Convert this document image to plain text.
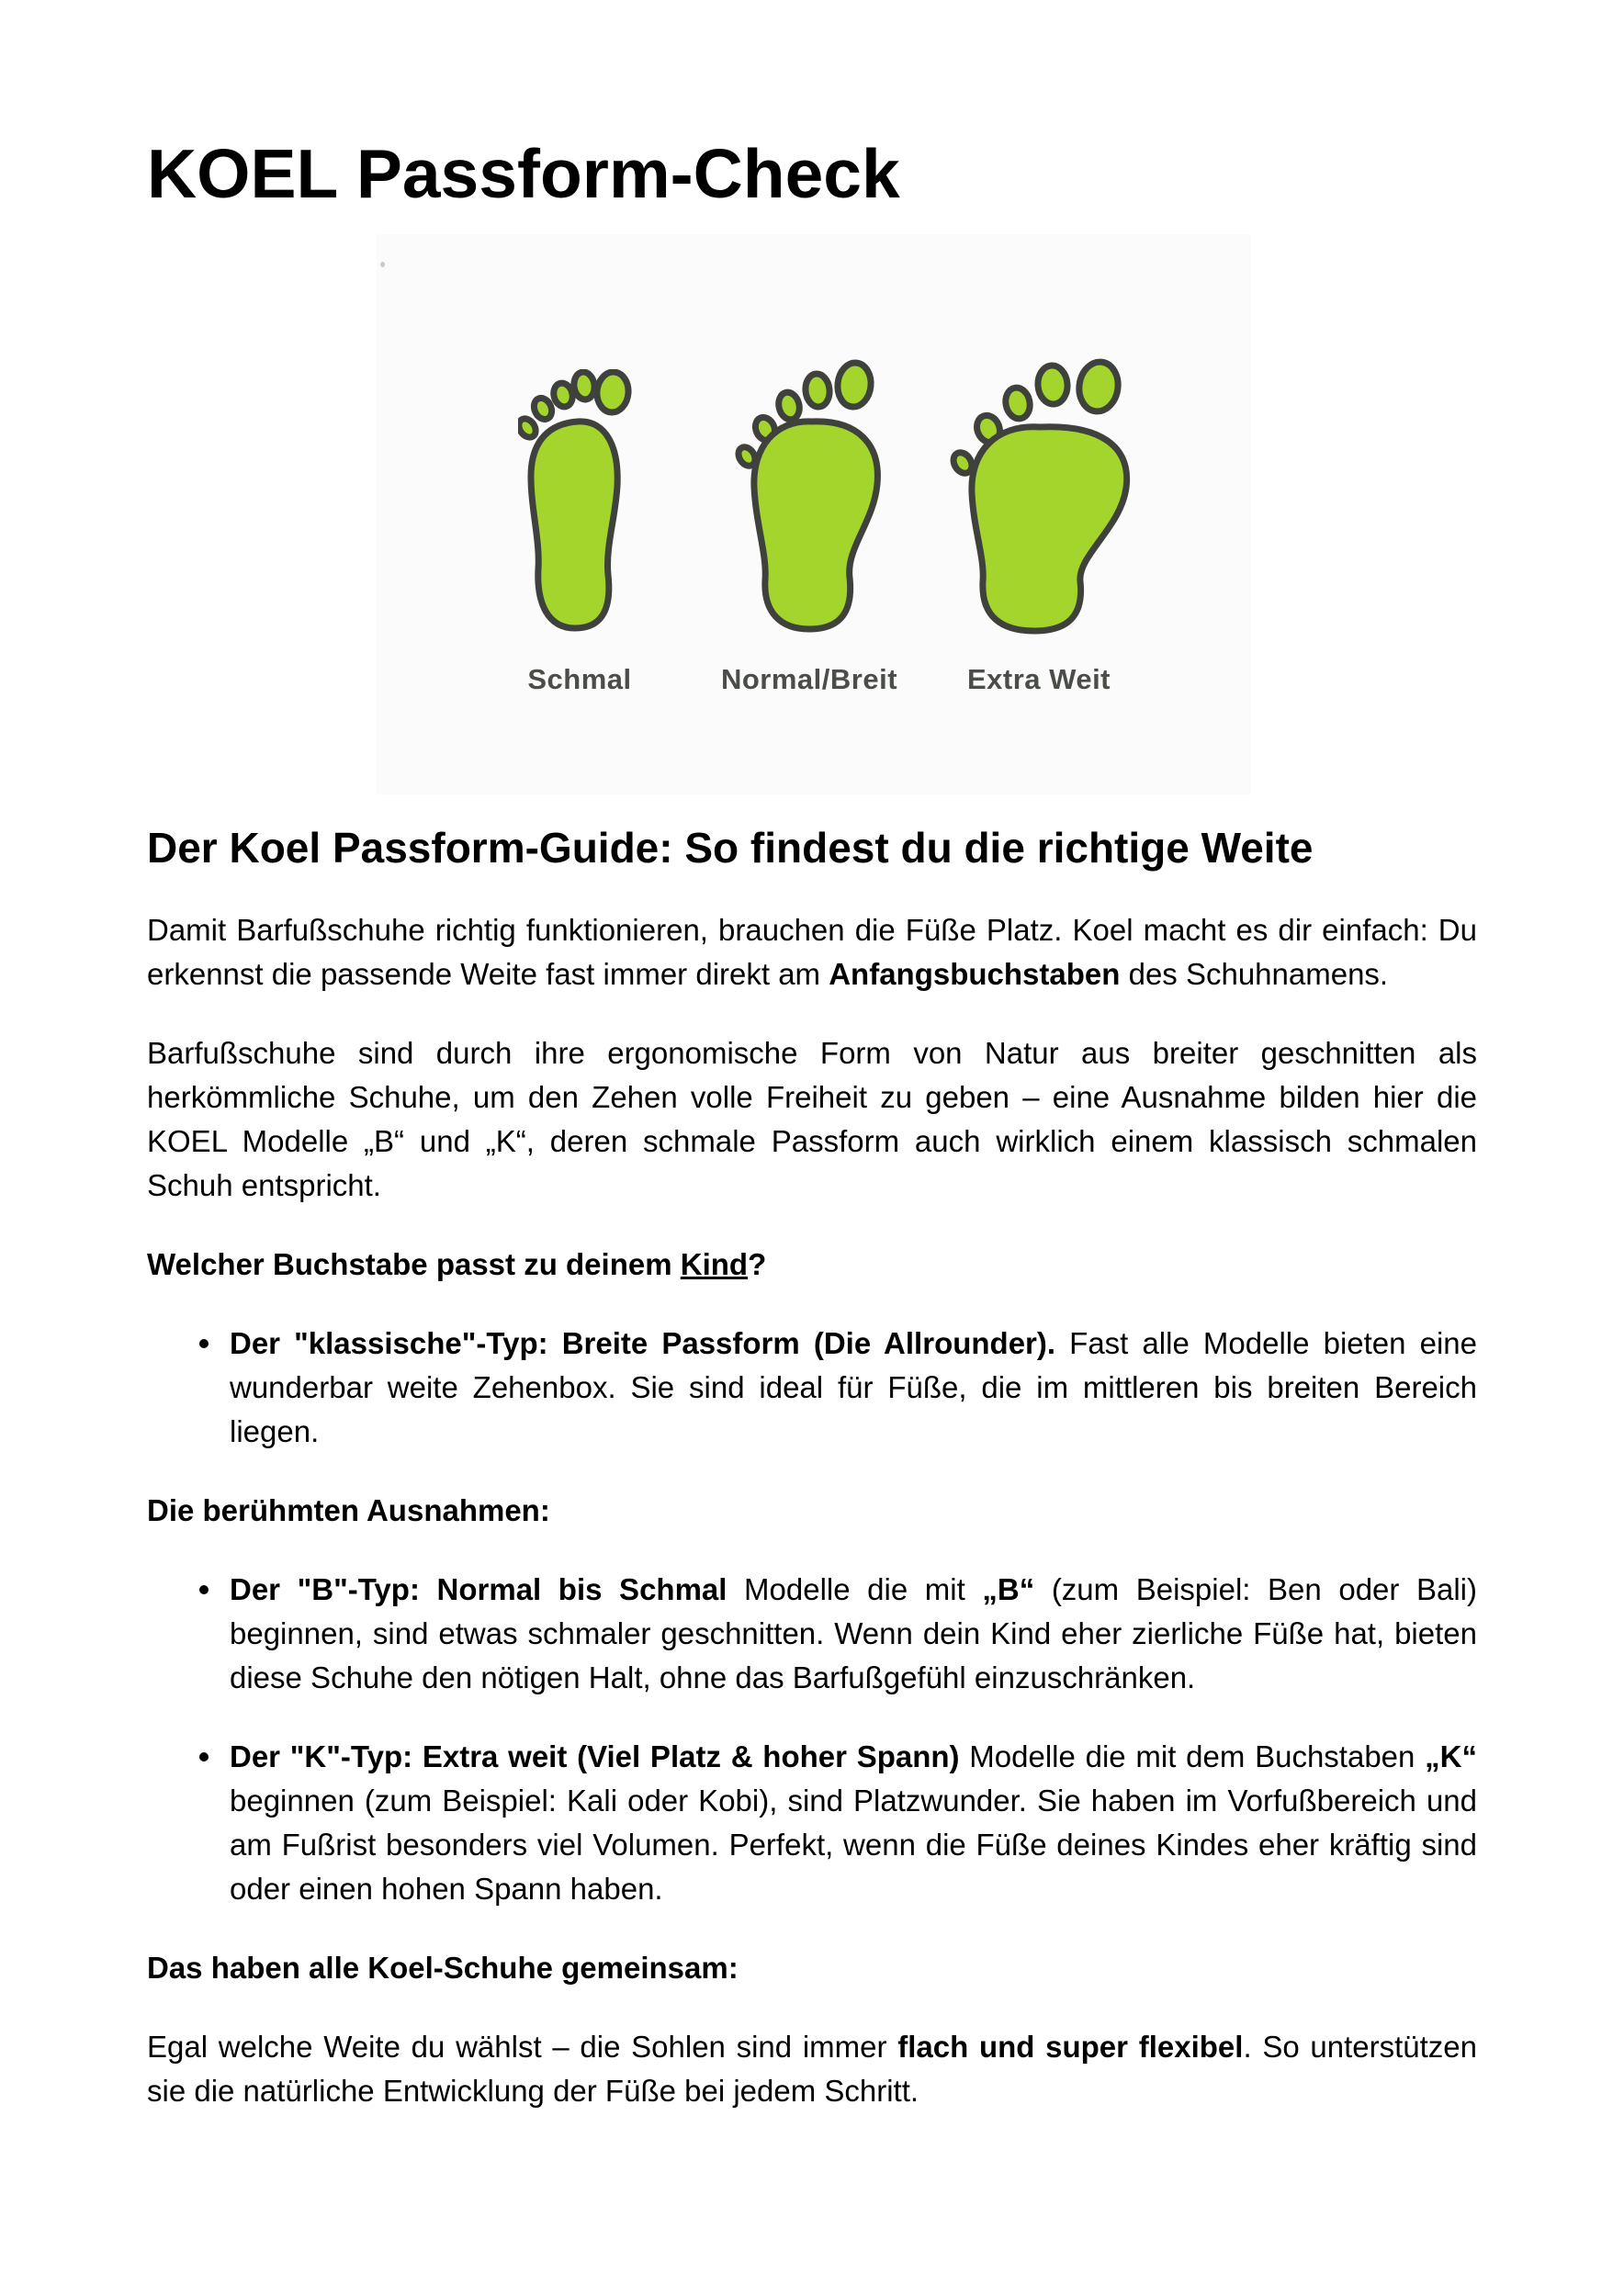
KOEL Passform-Check
Schmal	Normal/Breit Extra Weit
Der Koel Passform-Guide: So findest du die richtige Weite

Damit Barfußschuhe richtig funktionieren, brauchen die Füße Platz. Koel macht es dir einfach: Du erkennst die passende Weite fast immer direkt am Anfangsbuchstaben des Schuhnamens.

Barfußschuhe sind durch ihre ergonomische Form von Natur aus breiter geschnitten als herkömmliche Schuhe, um den Zehen volle Freiheit zu geben – eine Ausnahme bilden hier die KOEL Modelle „B“ und „K“, deren schmale Passform auch wirklich einem klassisch schmalen Schuh entspricht.

Welcher Buchstabe passt zu deinem Kind?

Der "klassische"-Typ: Breite Passform (Die Allrounder). Fast alle Modelle bieten eine wunderbar weite Zehenbox. Sie sind ideal für Füße, die im mittleren bis breiten Bereich liegen.

Die berühmten Ausnahmen:

Der "B"-Typ: Normal bis Schmal Modelle die mit „B“ (zum Beispiel: Ben oder Bali) beginnen, sind etwas schmaler geschnitten. Wenn dein Kind eher zierliche Füße hat, bieten diese Schuhe den nötigen Halt, ohne das Barfußgefühl einzuschränken.
Der "K"-Typ: Extra weit (Viel Platz & hoher Spann) Modelle die mit dem Buchstaben „K“ beginnen (zum Beispiel: Kali oder Kobi), sind Platzwunder. Sie haben im Vorfußbereich und am Fußrist besonders viel Volumen. Perfekt, wenn die Füße deines Kindes eher kräftig sind oder einen hohen Spann haben.

Das haben alle Koel-Schuhe gemeinsam:

Egal welche Weite du wählst – die Sohlen sind immer flach und super flexibel. So unterstützen sie die natürliche Entwicklung der Füße bei jedem Schritt.
